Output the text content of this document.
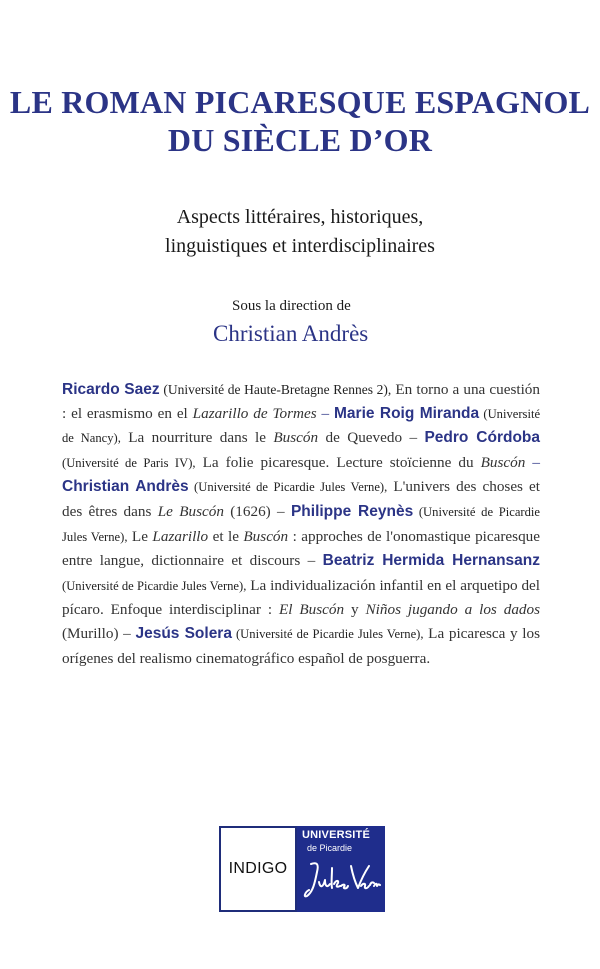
LE ROMAN PICARESQUE ESPAGNOL
DU SIÈCLE D’OR
Aspects littéraires, historiques,
linguistiques et interdisciplinaires
Sous la direction de
Christian Andrès
Ricardo Saez (Université de Haute-Bretagne Rennes 2), En torno a una cuestión : el erasmismo en el Lazarillo de Tormes – Marie Roig Miranda (Université de Nancy), La nourriture dans le Buscón de Quevedo – Pedro Córdoba (Université de Paris IV), La folie picaresque. Lecture stoïcienne du Buscón – Christian Andrès (Université de Picardie Jules Verne), L'univers des choses et des êtres dans Le Buscón (1626) – Philippe Reynès (Université de Picardie Jules Verne), Le Lazarillo et le Buscón : approches de l'onomastique picaresque entre langue, dictionnaire et discours – Beatriz Hermida Hernansanz (Université de Picardie Jules Verne), La individualización infantil en el arquetipo del pícaro. Enfoque interdisciplinar : El Buscón y Niños jugando a los dados (Murillo) – Jesús Solera (Université de Picardie Jules Verne), La picaresca y los orígenes del realismo cinematográfico español de posguerra.
INDIGO
UNIVERSITÉ
de Picardie
